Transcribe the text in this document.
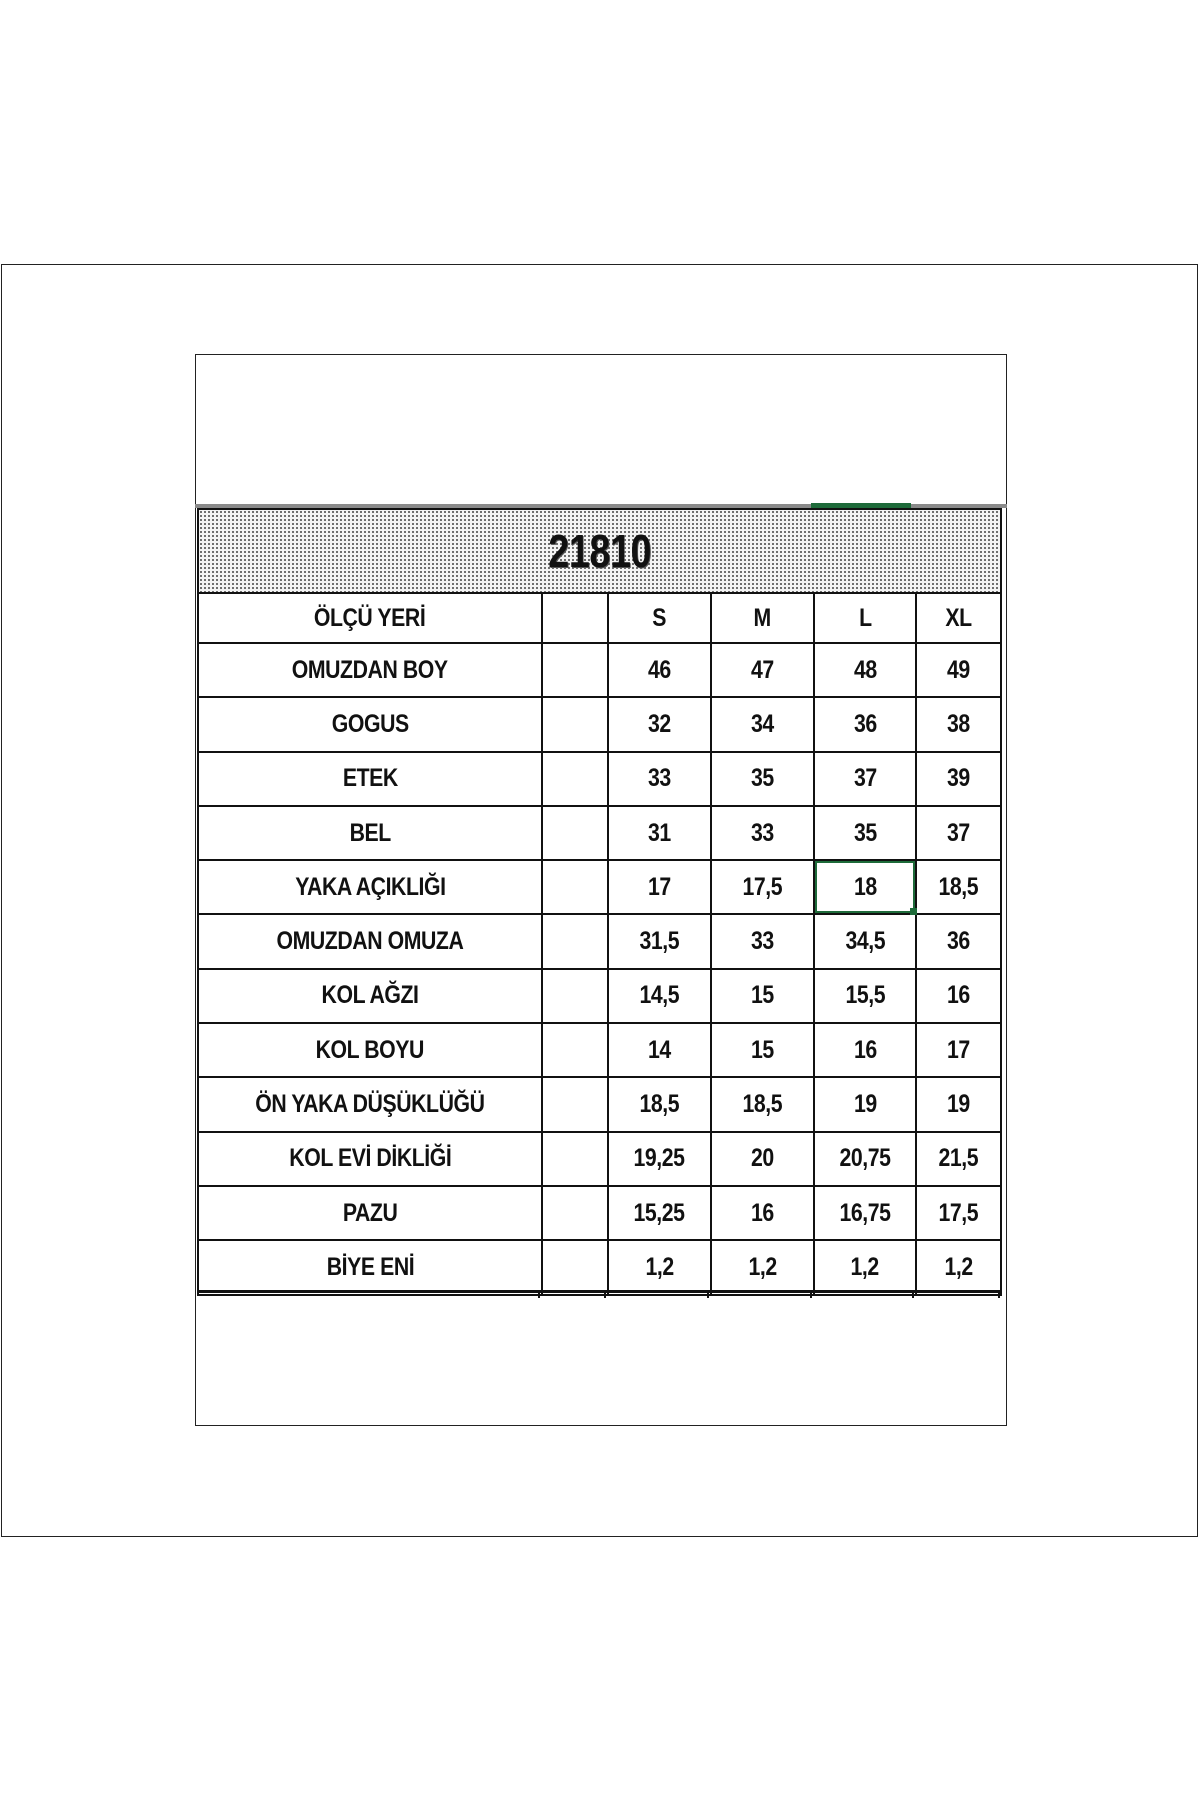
21810					
ÖLÇÜ YERİ		S	M	L	XL
OMUZDAN BOY		46	47	48	49
GOGUS		32	34	36	38
ETEK		33	35	37	39
BEL		31	33	35	37
YAKA AÇIKLIĞI		17	17,5	18	18,5
OMUZDAN OMUZA		31,5	33	34,5	36
KOL AĞZI		14,5	15	15,5	16
KOL BOYU		14	15	16	17
ÖN YAKA DÜŞÜKLÜĞÜ		18,5	18,5	19	19
KOL EVİ DİKLİĞİ		19,25	20	20,75	21,5
PAZU		15,25	16	16,75	17,5
BİYE ENİ		1,2	1,2	1,2	1,2
